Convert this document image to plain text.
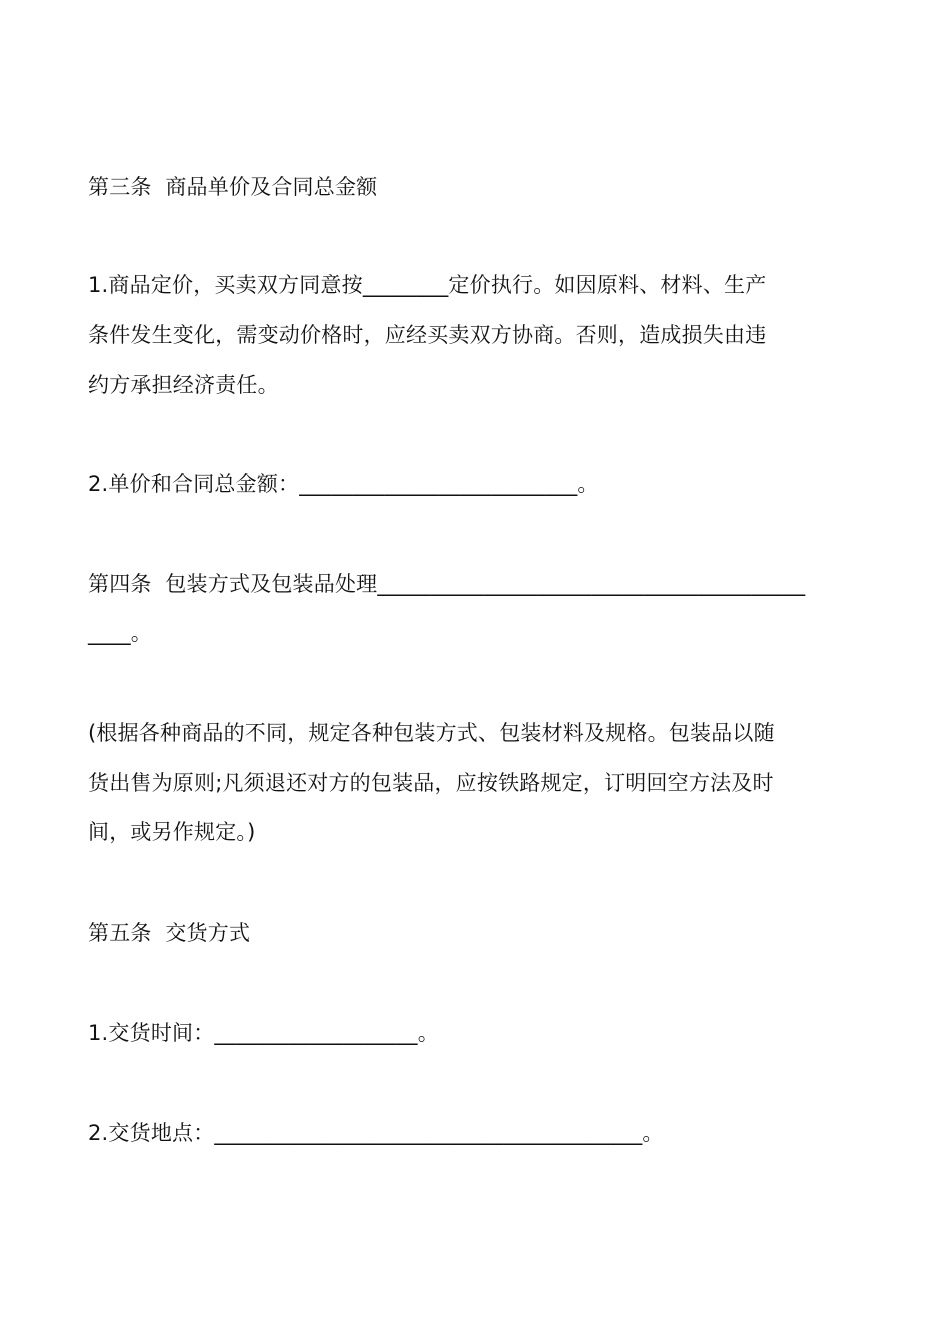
第三条  商品单价及合同总金额
1.商品定价，买卖双方同意按________定价执行。如因原料、材料、生产
条件发生变化，需变动价格时，应经买卖双方协商。否则，造成损失由违
约方承担经济责任。
2.单价和合同总金额：__________________________。
第四条  包装方式及包装品处理________________________________________
____。
(根据各种商品的不同，规定各种包装方式、包装材料及规格。包装品以随
货出售为原则;凡须退还对方的包装品，应按铁路规定，订明回空方法及时
间，或另作规定。)
第五条  交货方式
1.交货时间：___________________。
2.交货地点：________________________________________。
